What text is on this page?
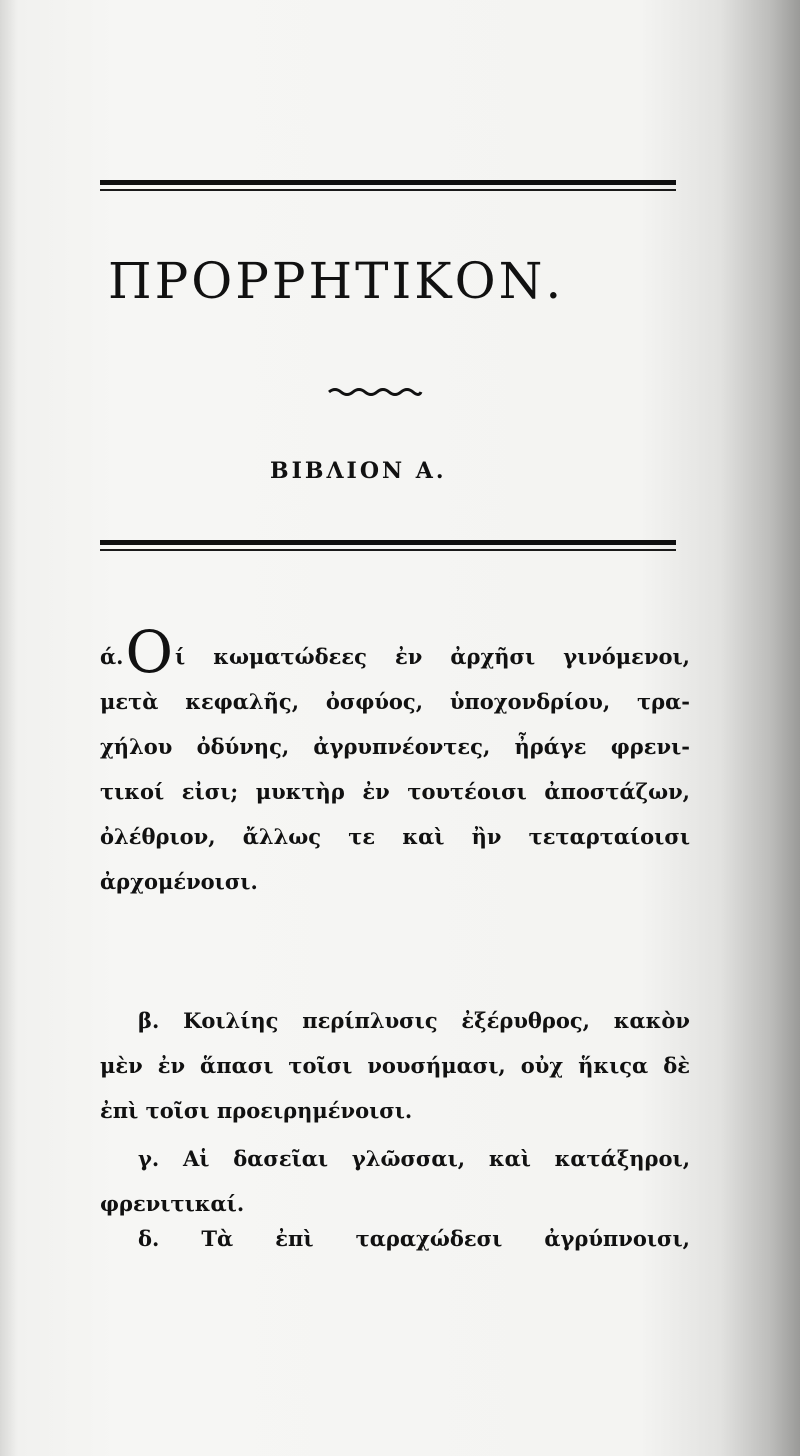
ΠΡΟΡΡΗΤΙΚΟΝ.
ΒΙΒΛΙΟΝ Α.
ά.Oί κωματώδεες ἐν ἀρχῆσι γινόμενοι,
μετὰ κεφαλῆς, ὀσφύος, ὑποχονδρίου, τρα-
χήλου ὀδύνης, ἀγρυπνέοντες, ἦράγε φρενι-
τικοί εἰσι; μυκτὴρ ἐν τουτέοισι ἀποστάζων,
ὀλέθριον, ἄλλως τε καὶ ἢν τεταρταίοισι
ἀρχομένοισι.
β. Κοιλίης περίπλυσις ἐξέρυθρος, κακὸν
μὲν ἐν ἅπασι τοῖσι νουσήμασι, οὐχ ἥκιςα δὲ
ἐπὶ τοῖσι προειρημένοισι.
γ. Αἱ δασεῖαι γλῶσσαι, καὶ κατάξηροι,
φρενιτικαί.
δ. Τὰ ἐπὶ ταραχώδεσι ἀγρύπνοισι,
